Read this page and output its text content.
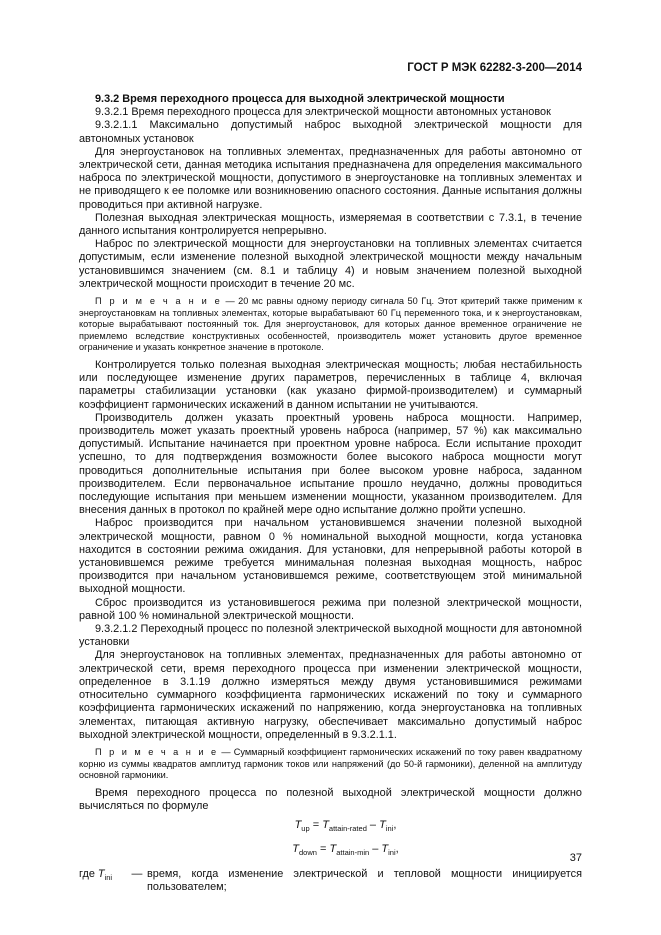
ГОСТ Р МЭК 62282-3-200—2014

9.3.2 Время переходного процесса для выходной электрической мощности

9.3.2.1 Время переходного процесса для электрической мощности автономных установок

9.3.2.1.1 Максимально допустимый наброс выходной электрической мощности для автономных установок

Для энергоустановок на топливных элементах, предназначенных для работы автономно от электрической сети, данная методика испытания предназначена для определения максимального наброса по электрической мощности, допустимого в энергоустановке на топливных элементах и не приводящего к ее поломке или возникновению опасного состояния. Данные испытания должны проводиться при активной нагрузке.

Полезная выходная электрическая мощность, измеряемая в соответствии с 7.3.1, в течение данного испытания контролируется непрерывно.

Наброс по электрической мощности для энергоустановки на топливных элементах считается допустимым, если изменение полезной выходной электрической мощности между начальным установившимся значением (см. 8.1 и таблицу 4) и новым значением полезной выходной электрической мощности происходит в течение 20 мс.

П р и м е ч а н и е — 20 мс равны одному периоду сигнала 50 Гц. Этот критерий также применим к энергоустановкам на топливных элементах, которые вырабатывают 60 Гц переменного тока, и к энергоустановкам, которые вырабатывают постоянный ток. Для энергоустановок, для которых данное временное ограничение не приемлемо вследствие конструктивных особенностей, производитель может установить другое временное ограничение и указать конкретное значение в протоколе.

Контролируется только полезная выходная электрическая мощность; любая нестабильность или последующее изменение других параметров, перечисленных в таблице 4, включая параметры стабилизации установки (как указано фирмой-производителем) и суммарный коэффициент гармонических искажений в данном испытании не учитываются.

Производитель должен указать проектный уровень наброса мощности. Например, производитель может указать проектный уровень наброса (например, 57 %) как максимально допустимый. Испытание начинается при проектном уровне наброса. Если испытание проходит успешно, то для подтверждения возможности более высокого наброса мощности могут проводиться дополнительные испытания при более высоком уровне наброса, заданном производителем. Если первоначальное испытание прошло неудачно, должны проводиться последующие испытания при меньшем изменении мощности, указанном производителем. Для внесения данных в протокол по крайней мере одно испытание должно пройти успешно.

Наброс производится при начальном установившемся значении полезной выходной электрической мощности, равном 0 % номинальной выходной мощности, когда установка находится в состоянии режима ожидания. Для установки, для непрерывной работы которой в установившемся режиме требуется минимальная полезная выходная мощность, наброс производится при начальном установившемся режиме, соответствующем этой минимальной выходной мощности.

Сброс производится из установившегося режима при полезной электрической мощности, равной 100 % номинальной электрической мощности.

9.3.2.1.2 Переходный процесс по полезной электрической выходной мощности для автономной установки

Для энергоустановок на топливных элементах, предназначенных для работы автономно от электрической сети, время переходного процесса при изменении электрической мощности, определенное в 3.1.19 должно измеряться между двумя установившимися режимами относительно суммарного коэффициента гармонических искажений по току и суммарного коэффициента гармонических искажений по напряжению, когда энергоустановка на топливных элементах, питающая активную нагрузку, обеспечивает максимально допустимый наброс выходной электрической мощности, определенный в 9.3.2.1.1.

П р и м е ч а н и е — Суммарный коэффициент гармонических искажений по току равен квадратному корню из суммы квадратов амплитуд гармоник токов или напряжений (до 50-й гармоники), деленной на амплитуду основной гармоники.

Время переходного процесса по полезной выходной электрической мощности должно вычисляться по формуле

$T_{up} = T_{attain-rated} - T_{ini}$,
$T_{down} = T_{attain-min} - T_{ini}$,
где $T_{ini}$	— время, когда изменение электрической и тепловой мощности инициируется пользователем;
37
